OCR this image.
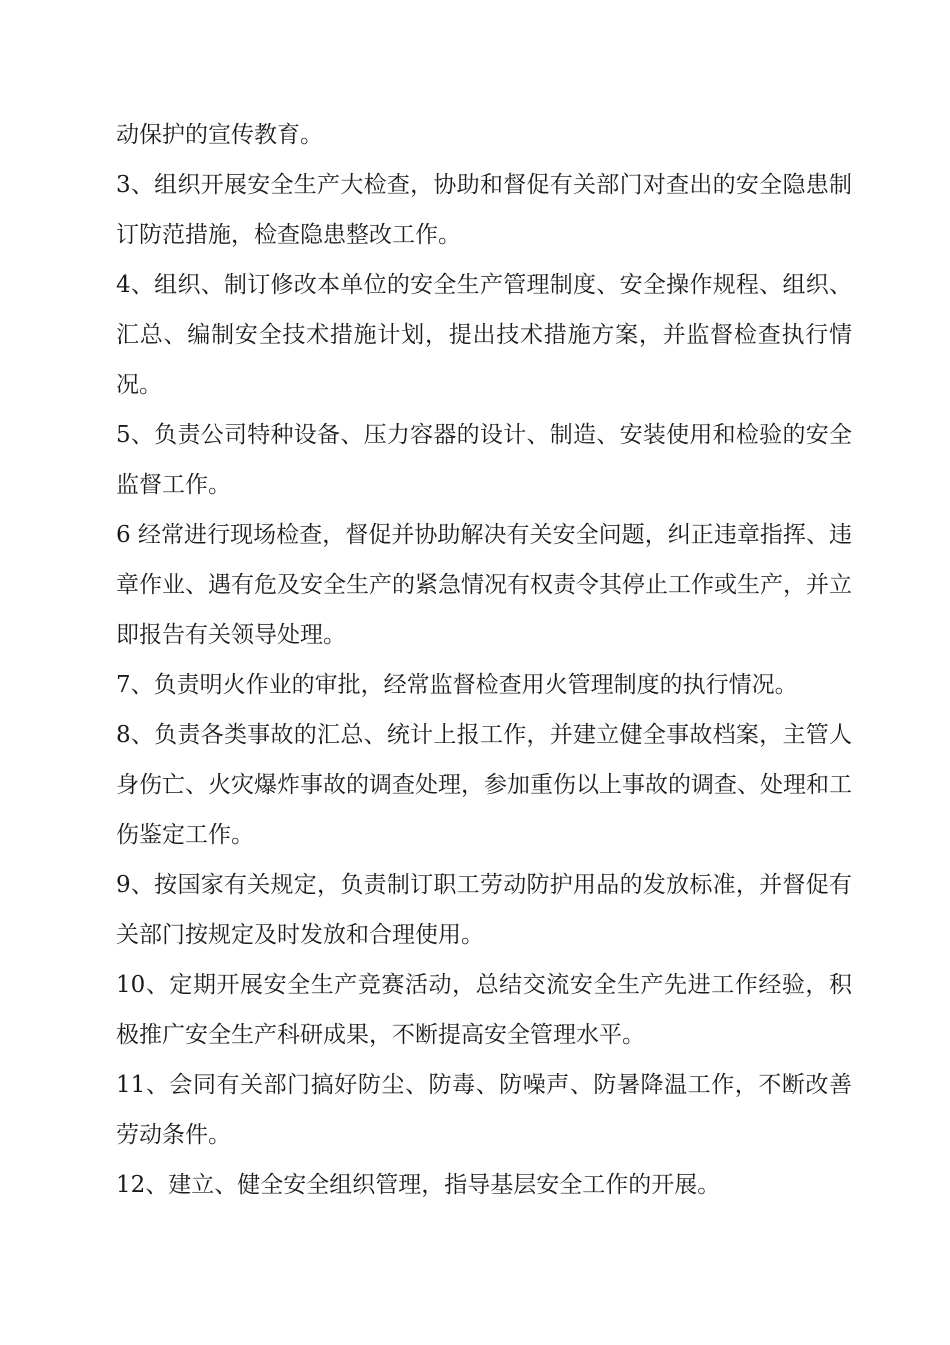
动保护的宣传教育。

3、组织开展安全生产大检查，协助和督促有关部门对查出的安全隐患制订防范措施，检查隐患整改工作。

4、组织、制订修改本单位的安全生产管理制度、安全操作规程、组织、汇总、编制安全技术措施计划，提出技术措施方案，并监督检查执行情况。

5、负责公司特种设备、压力容器的设计、制造、安装使用和检验的安全监督工作。

6 经常进行现场检查，督促并协助解决有关安全问题，纠正违章指挥、违章作业、遇有危及安全生产的紧急情况有权责令其停止工作或生产，并立即报告有关领导处理。

7、负责明火作业的审批，经常监督检查用火管理制度的执行情况。

8、负责各类事故的汇总、统计上报工作，并建立健全事故档案，主管人身伤亡、火灾爆炸事故的调查处理，参加重伤以上事故的调查、处理和工伤鉴定工作。

9、按国家有关规定，负责制订职工劳动防护用品的发放标准，并督促有关部门按规定及时发放和合理使用。

10、定期开展安全生产竞赛活动，总结交流安全生产先进工作经验，积极推广安全生产科研成果，不断提高安全管理水平。

11、会同有关部门搞好防尘、防毒、防噪声、防暑降温工作，不断改善劳动条件。

12、建立、健全安全组织管理，指导基层安全工作的开展。
